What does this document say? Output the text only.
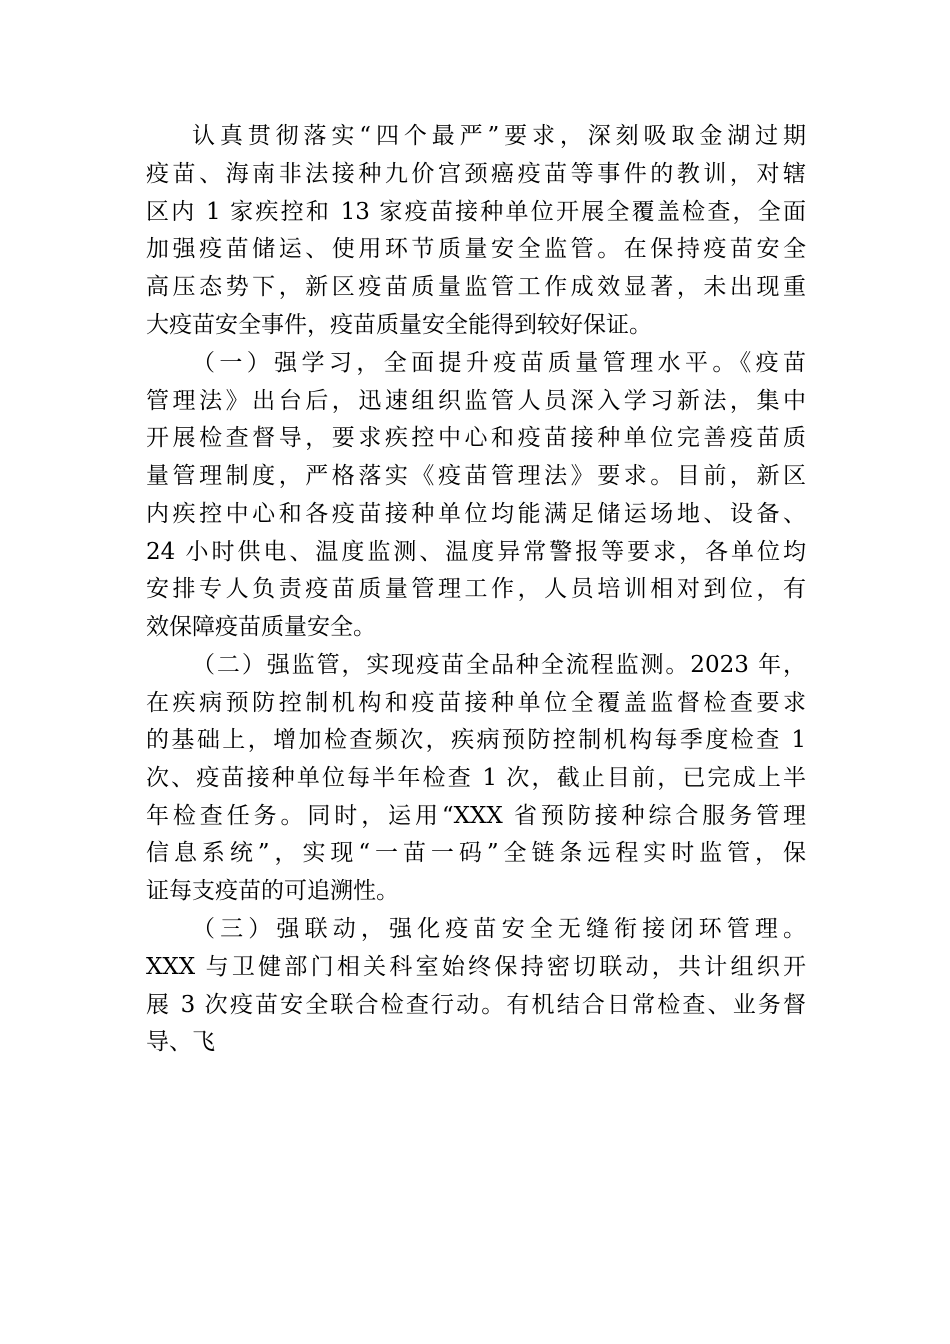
认真贯彻落实“四个最严”要求，深刻吸取金湖过期
疫苗、海南非法接种九价宫颈癌疫苗等事件的教训，对辖
区内 1 家疾控和 13 家疫苗接种单位开展全覆盖检查，全面
加强疫苗储运、使用环节质量安全监管。在保持疫苗安全
高压态势下，新区疫苗质量监管工作成效显著，未出现重
大疫苗安全事件，疫苗质量安全能得到较好保证。
（一）强学习，全面提升疫苗质量管理水平。《疫苗
管理法》出台后，迅速组织监管人员深入学习新法，集中
开展检查督导，要求疾控中心和疫苗接种单位完善疫苗质
量管理制度，严格落实《疫苗管理法》要求。目前，新区
内疾控中心和各疫苗接种单位均能满足储运场地、设备、
24 小时供电、温度监测、温度异常警报等要求，各单位均
安排专人负责疫苗质量管理工作，人员培训相对到位，有
效保障疫苗质量安全。
（二）强监管，实现疫苗全品种全流程监测。2023 年，
在疾病预防控制机构和疫苗接种单位全覆盖监督检查要求
的基础上，增加检查频次，疾病预防控制机构每季度检查 1
次、疫苗接种单位每半年检查 1 次，截止目前，已完成上半
年检查任务。同时，运用“XXX 省预防接种综合服务管理
信息系统”，实现“一苗一码”全链条远程实时监管，保
证每支疫苗的可追溯性。
（三）强联动，强化疫苗安全无缝衔接闭环管理。
XXX 与卫健部门相关科室始终保持密切联动，共计组织开
展 3 次疫苗安全联合检查行动。有机结合日常检查、业务督
导、飞
